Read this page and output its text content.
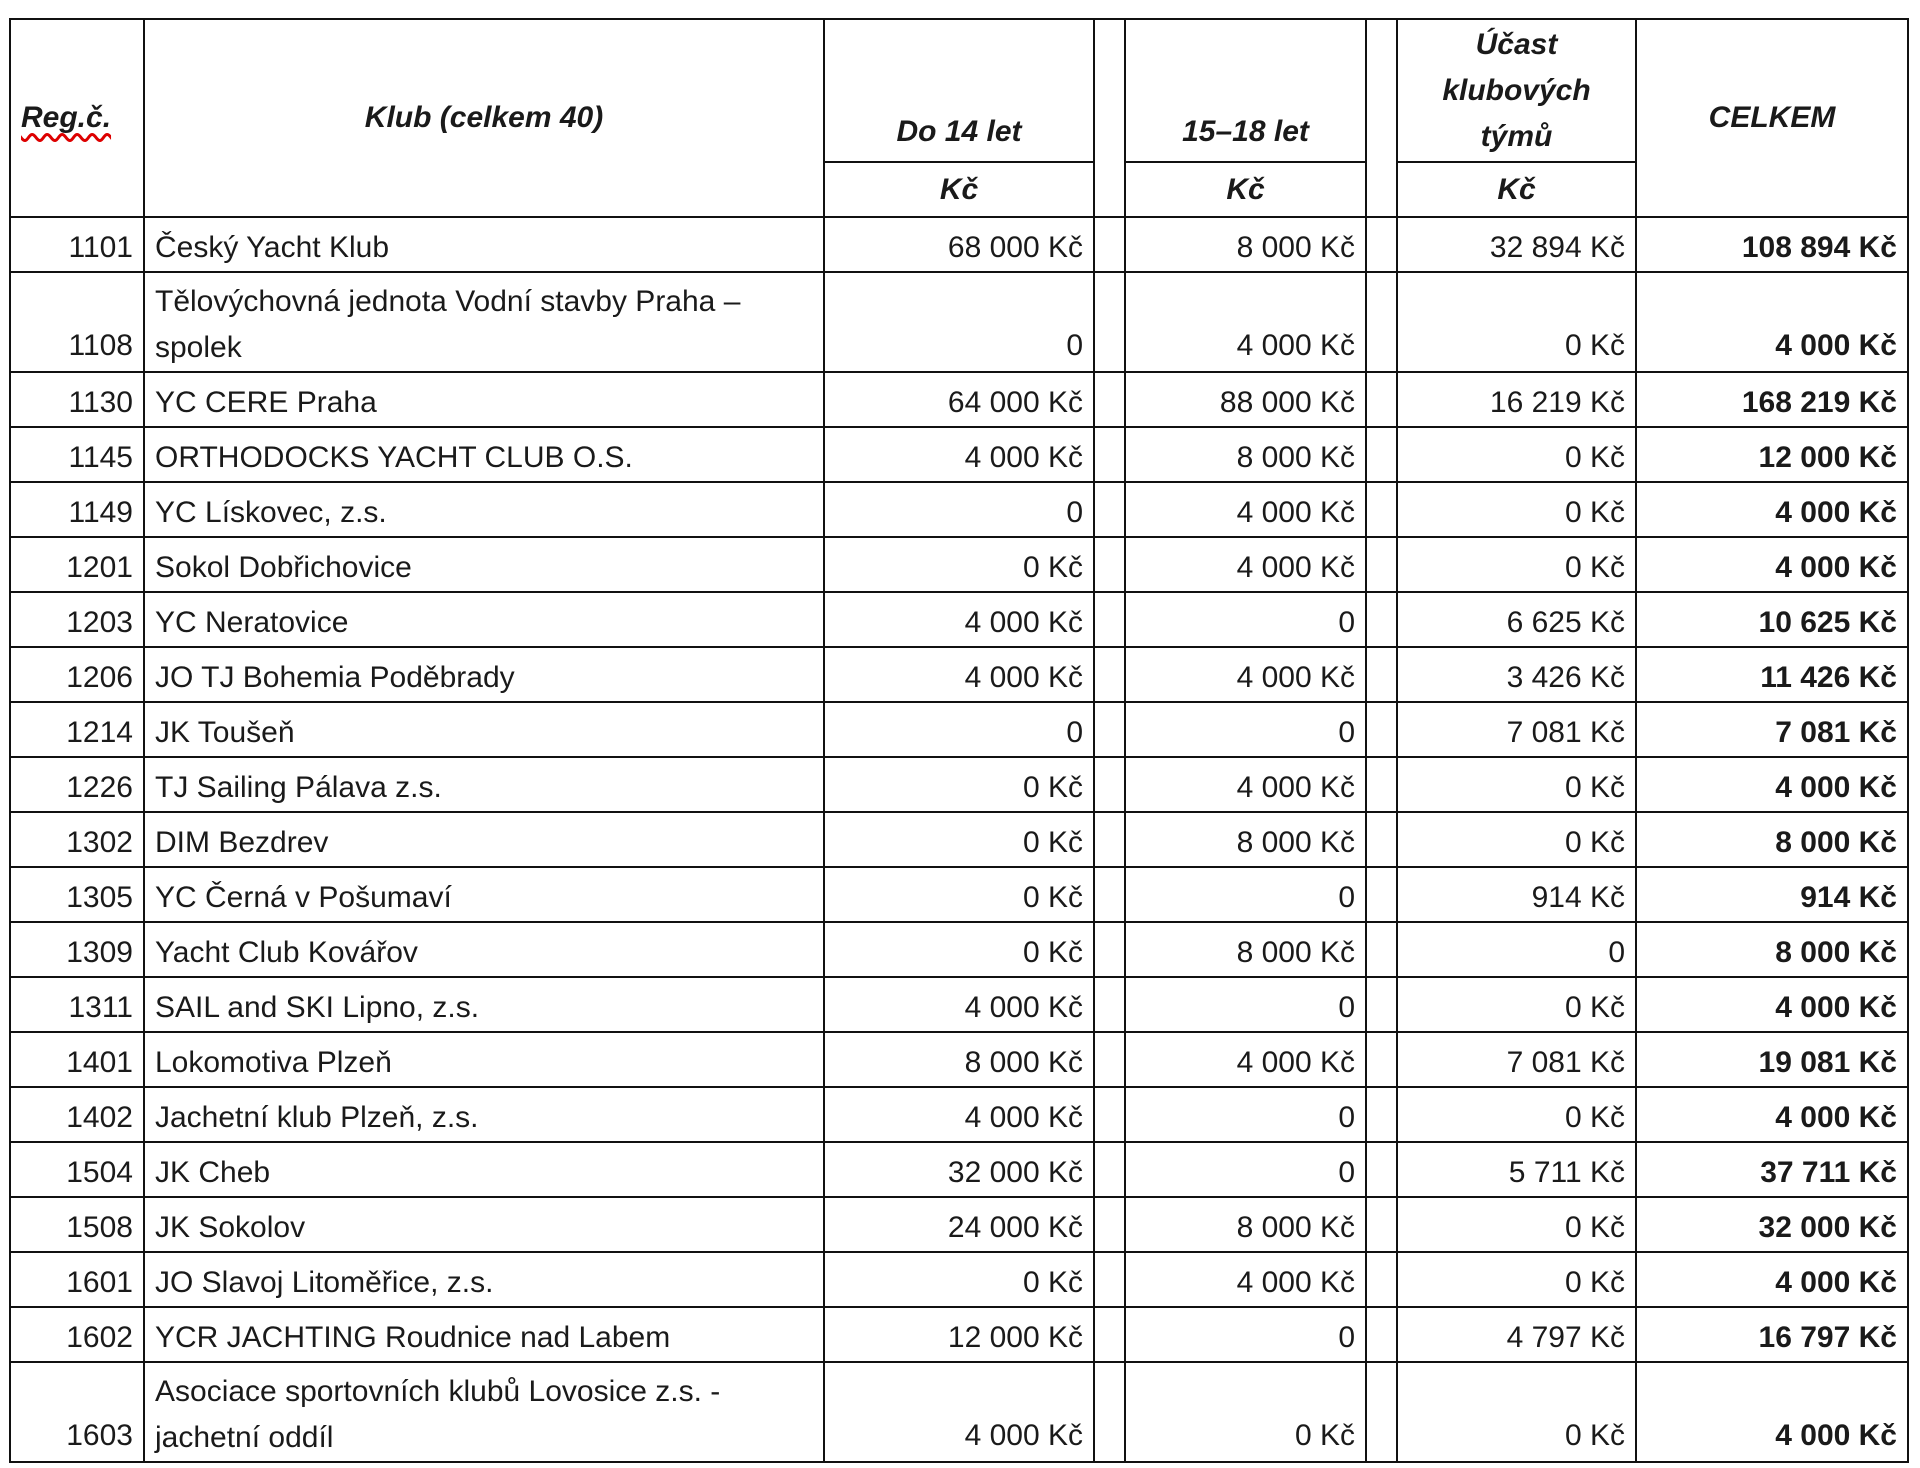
Reg.č.	Klub (celkem 40)	Do 14 let		15–18 let		Účast
klubových
týmů	CELKEM
		Kč		Kč		Kč	
1101	Český Yacht Klub	68 000 Kč		8 000 Kč		32 894 Kč	108 894 Kč
1108	Tělovýchovná jednota Vodní stavby Praha – spolek	0		4 000 Kč		0 Kč	4 000 Kč
1130	YC CERE Praha	64 000 Kč		88 000 Kč		16 219 Kč	168 219 Kč
1145	ORTHODOCKS YACHT CLUB O.S.	4 000 Kč		8 000 Kč		0 Kč	12 000 Kč
1149	YC Lískovec, z.s.	0		4 000 Kč		0 Kč	4 000 Kč
1201	Sokol Dobřichovice	0 Kč		4 000 Kč		0 Kč	4 000 Kč
1203	YC Neratovice	4 000 Kč		0		6 625 Kč	10 625 Kč
1206	JO TJ Bohemia Poděbrady	4 000 Kč		4 000 Kč		3 426 Kč	11 426 Kč
1214	JK Toušeň	0		0		7 081 Kč	7 081 Kč
1226	TJ Sailing Pálava z.s.	0 Kč		4 000 Kč		0 Kč	4 000 Kč
1302	DIM Bezdrev	0 Kč		8 000 Kč		0 Kč	8 000 Kč
1305	YC Černá v Pošumaví	0 Kč		0		914 Kč	914 Kč
1309	Yacht Club Kovářov	0 Kč		8 000 Kč		0	8 000 Kč
1311	SAIL and SKI Lipno, z.s.	4 000 Kč		0		0 Kč	4 000 Kč
1401	Lokomotiva Plzeň	8 000 Kč		4 000 Kč		7 081 Kč	19 081 Kč
1402	Jachetní klub Plzeň, z.s.	4 000 Kč		0		0 Kč	4 000 Kč
1504	JK Cheb	32 000 Kč		0		5 711 Kč	37 711 Kč
1508	JK Sokolov	24 000 Kč		8 000 Kč		0 Kč	32 000 Kč
1601	JO Slavoj Litoměřice, z.s.	0 Kč		4 000 Kč		0 Kč	4 000 Kč
1602	YCR JACHTING Roudnice nad Labem	12 000 Kč		0		4 797 Kč	16 797 Kč
1603	Asociace sportovních klubů Lovosice z.s. - jachetní oddíl	4 000 Kč		0 Kč		0 Kč	4 000 Kč
